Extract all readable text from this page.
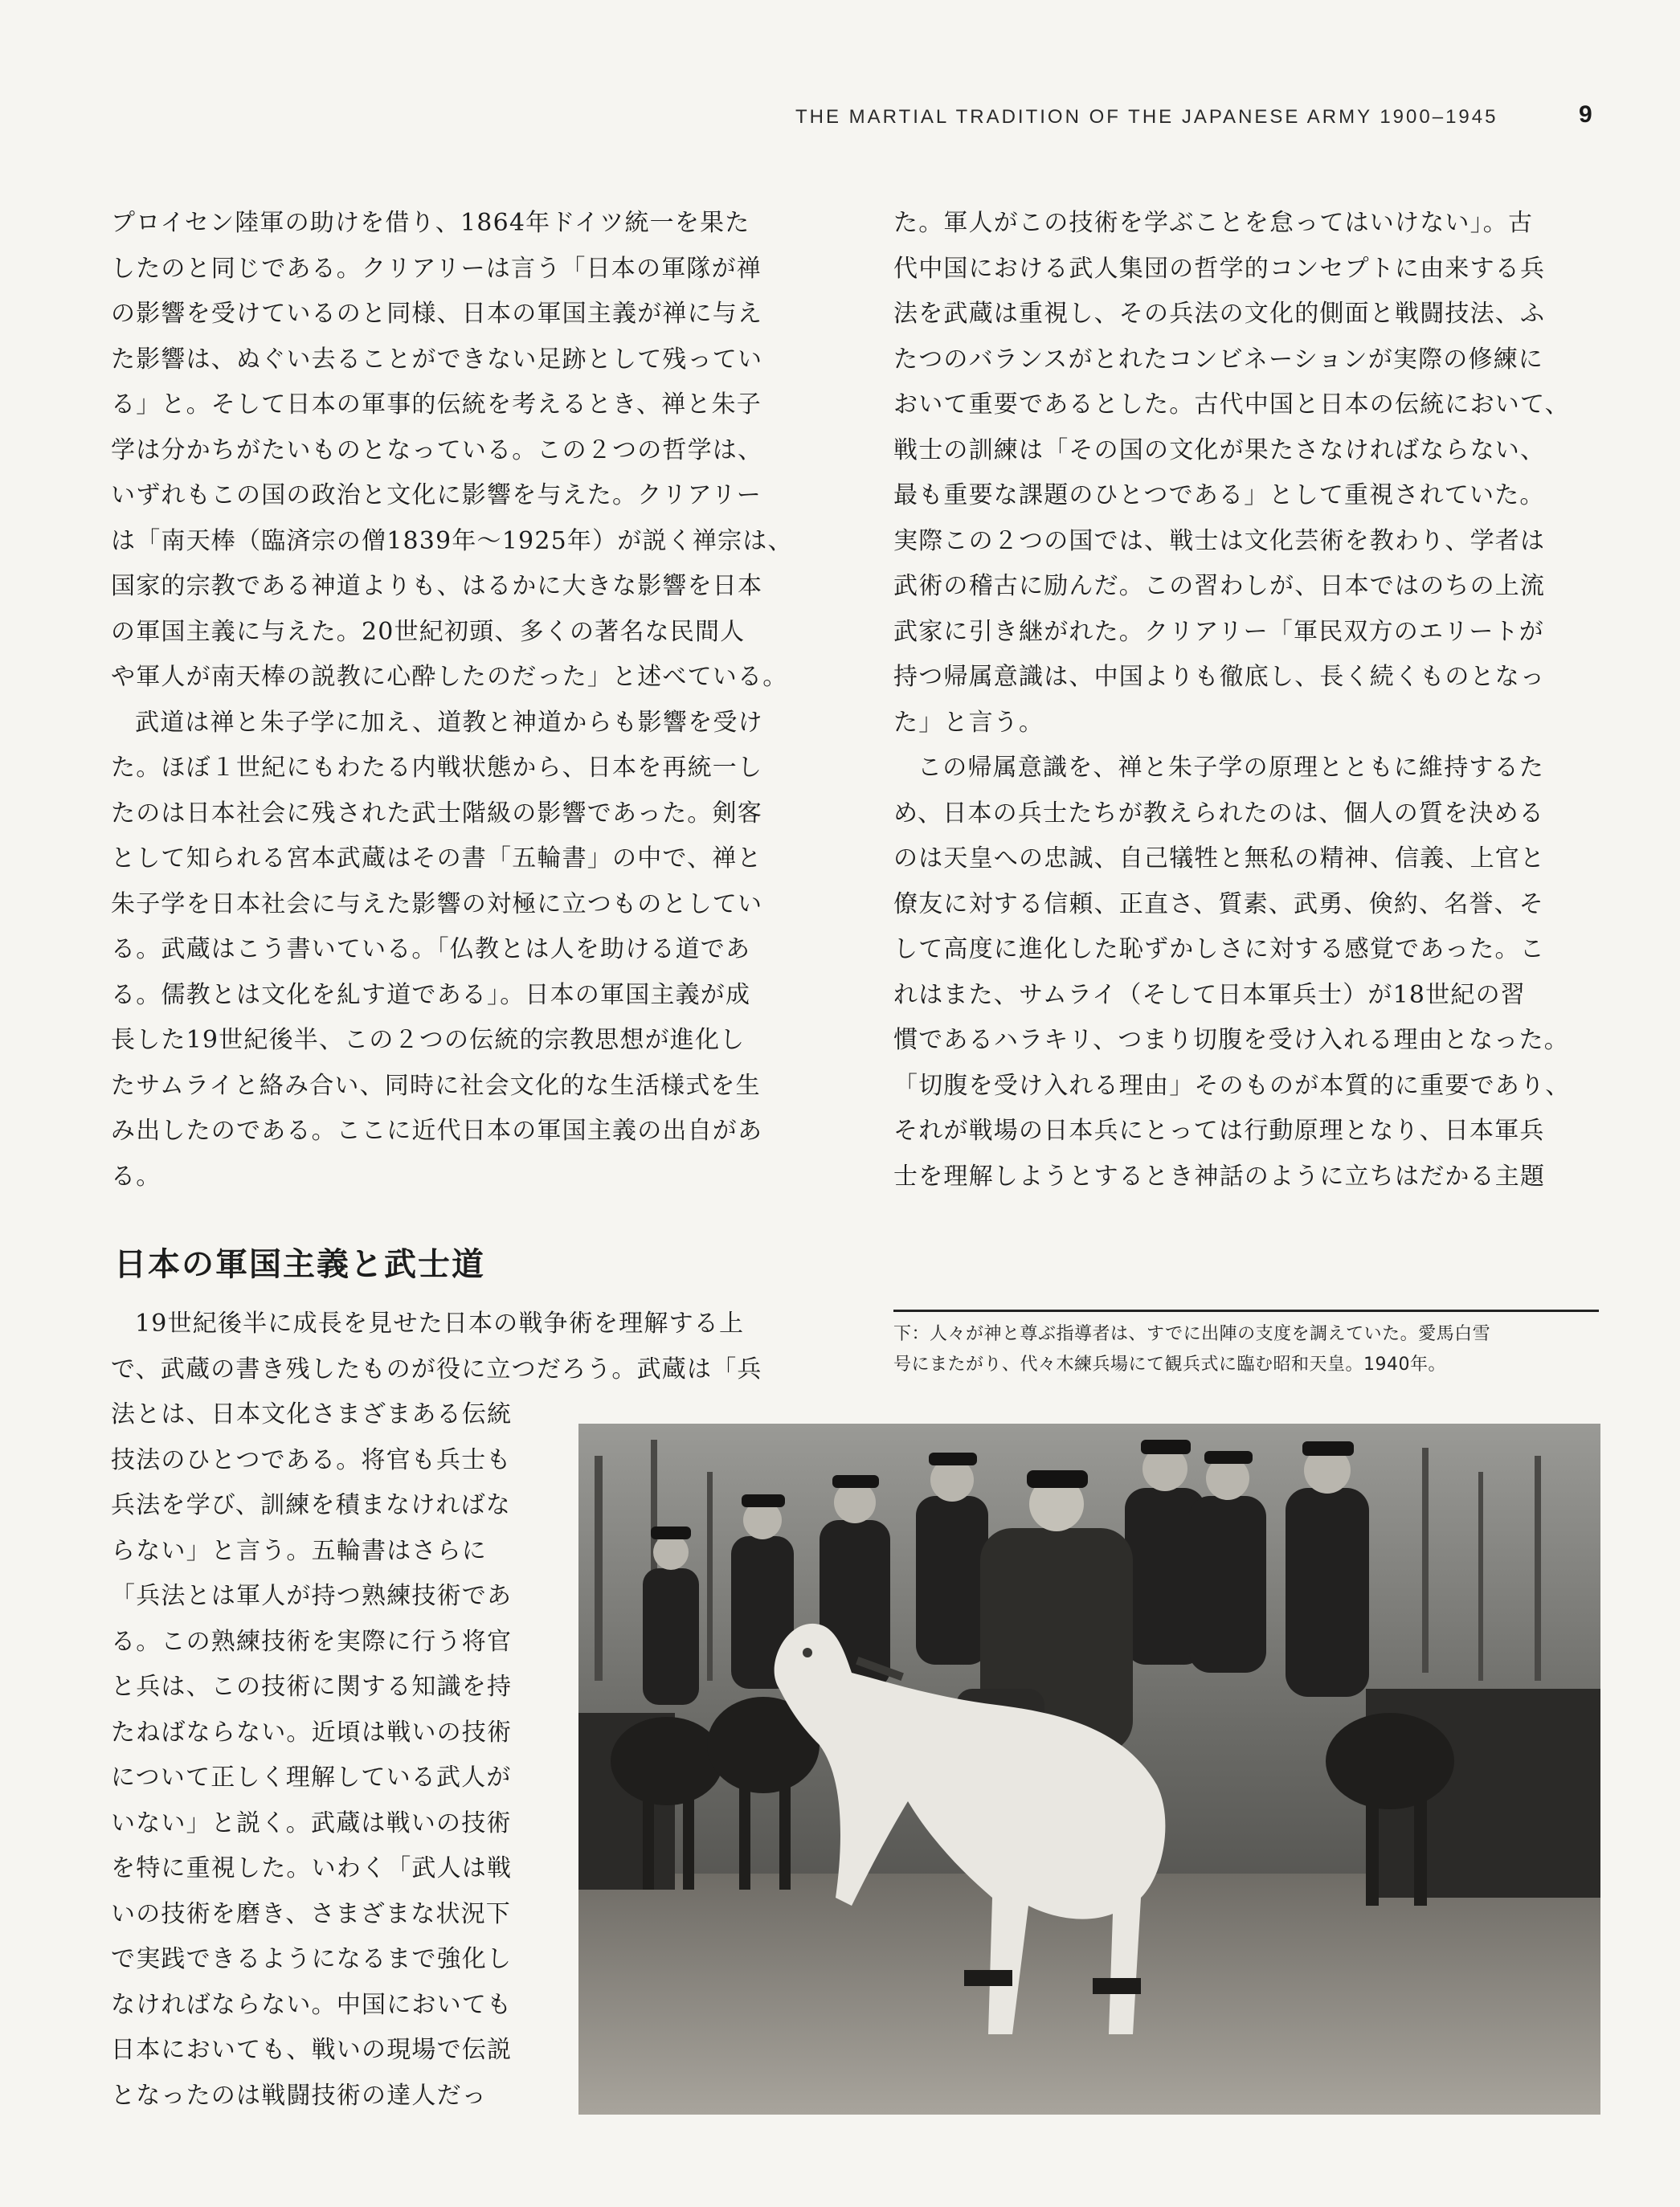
THE MARTIAL TRADITION OF THE JAPANESE ARMY 1900–1945	9

プロイセン陸軍の助けを借り、1864年ドイツ統一を果た
したのと同じである。クリアリーは言う「日本の軍隊が禅
の影響を受けているのと同様、日本の軍国主義が禅に与え
た影響は、ぬぐい去ることができない足跡として残ってい
る」と。そして日本の軍事的伝統を考えるとき、禅と朱子
学は分かちがたいものとなっている。この２つの哲学は、
いずれもこの国の政治と文化に影響を与えた。クリアリー
は「南天棒（臨済宗の僧1839年〜1925年）が説く禅宗は、
国家的宗教である神道よりも、はるかに大きな影響を日本
の軍国主義に与えた。20世紀初頭、多くの著名な民間人
や軍人が南天棒の説教に心酔したのだった」と述べている。

武道は禅と朱子学に加え、道教と神道からも影響を受け
た。ほぼ１世紀にもわたる内戦状態から、日本を再統一し
たのは日本社会に残された武士階級の影響であった。剣客
として知られる宮本武蔵はその書「五輪書」の中で、禅と
朱子学を日本社会に与えた影響の対極に立つものとしてい
る。武蔵はこう書いている。「仏教とは人を助ける道であ
る。儒教とは文化を糺す道である」。日本の軍国主義が成
長した19世紀後半、この２つの伝統的宗教思想が進化し
たサムライと絡み合い、同時に社会文化的な生活様式を生
み出したのである。ここに近代日本の軍国主義の出自があ
る。

た。軍人がこの技術を学ぶことを怠ってはいけない」。古
代中国における武人集団の哲学的コンセプトに由来する兵
法を武蔵は重視し、その兵法の文化的側面と戦闘技法、ふ
たつのバランスがとれたコンビネーションが実際の修練に
おいて重要であるとした。古代中国と日本の伝統において、
戦士の訓練は「その国の文化が果たさなければならない、
最も重要な課題のひとつである」として重視されていた。
実際この２つの国では、戦士は文化芸術を教わり、学者は
武術の稽古に励んだ。この習わしが、日本ではのちの上流
武家に引き継がれた。クリアリー「軍民双方のエリートが
持つ帰属意識は、中国よりも徹底し、長く続くものとなっ
た」と言う。

この帰属意識を、禅と朱子学の原理とともに維持するた
め、日本の兵士たちが教えられたのは、個人の質を決める
のは天皇への忠誠、自己犠牲と無私の精神、信義、上官と
僚友に対する信頼、正直さ、質素、武勇、倹約、名誉、そ
して高度に進化した恥ずかしさに対する感覚であった。こ
れはまた、サムライ（そして日本軍兵士）が18世紀の習
慣であるハラキリ、つまり切腹を受け入れる理由となった。
「切腹を受け入れる理由」そのものが本質的に重要であり、
それが戦場の日本兵にとっては行動原理となり、日本軍兵
士を理解しようとするとき神話のように立ちはだかる主題

日本の軍国主義と武士道
19世紀後半に成長を見せた日本の戦争術を理解する上
で、武蔵の書き残したものが役に立つだろう。武蔵は「兵
法とは、日本文化さまざまある伝統
技法のひとつである。将官も兵士も
兵法を学び、訓練を積まなければな
らない」と言う。五輪書はさらに
「兵法とは軍人が持つ熟練技術であ
る。この熟練技術を実際に行う将官
と兵は、この技術に関する知識を持
たねばならない。近頃は戦いの技術
について正しく理解している武人が
いない」と説く。武蔵は戦いの技術
を特に重視した。いわく「武人は戦
いの技術を磨き、さまざまな状況下
で実践できるようになるまで強化し
なければならない。中国においても
日本においても、戦いの現場で伝説
となったのは戦闘技術の達人だっ

下：人々が神と尊ぶ指導者は、すでに出陣の支度を調えていた。愛馬白雪
号にまたがり、代々木練兵場にて観兵式に臨む昭和天皇。1940年。
